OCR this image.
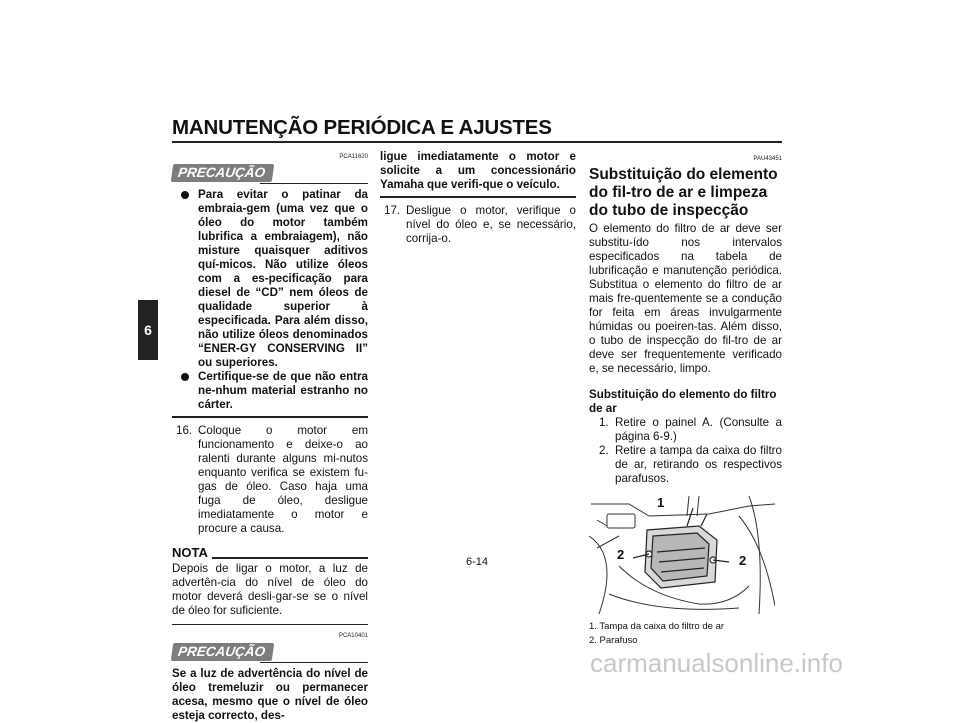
MANUTENÇÃO PERIÓDICA E AJUSTES
6
PCA11620
PRECAUÇÃO
Para evitar o patinar da embraia-gem (uma vez que o óleo do motor também lubrifica a embraiagem), não misture quaisquer aditivos quí-micos. Não utilize óleos com a es-pecificação para diesel de “CD” nem óleos de qualidade superior à especificada. Para além disso, não utilize óleos denominados “ENER-GY CONSERVING II” ou superiores.
Certifique-se de que não entra ne-nhum material estranho no cárter.
16. Coloque o motor em funcionamento e deixe-o ao ralenti durante alguns mi-nutos enquanto verifica se existem fu-gas de óleo. Caso haja uma fuga de óleo, desligue imediatamente o motor e procure a causa.
NOTA
Depois de ligar o motor, a luz de advertên-cia do nível de óleo do motor deverá desli-gar-se se o nível de óleo for suficiente.
PCA10401
PRECAUÇÃO
Se a luz de advertência do nível de óleo tremeluzir ou permanecer acesa, mesmo que o nível de óleo esteja correcto, des-
ligue imediatamente o motor e solicite a um concessionário Yamaha que verifi-que o veículo.
17. Desligue o motor, verifique o nível do óleo e, se necessário, corrija-o.
PAU43451
Substituição do elemento do fil-tro de ar e limpeza do tubo de inspecção
O elemento do filtro de ar deve ser substitu-ído nos intervalos especificados na tabela de lubrificação e manutenção periódica. Substitua o elemento do filtro de ar mais fre-quentemente se a condução for feita em áreas invulgarmente húmidas ou poeiren-tas. Além disso, o tubo de inspecção do fil-tro de ar deve ser frequentemente verificado e, se necessário, limpo.
Substituição do elemento do filtro de ar
1. Retire o painel A. (Consulte a página 6-9.)
2. Retire a tampa da caixa do filtro de ar, retirando os respectivos parafusos.
1
2	2
1. Tampa da caixa do filtro de ar
2. Parafuso
6-14
carmanualsonline.info
